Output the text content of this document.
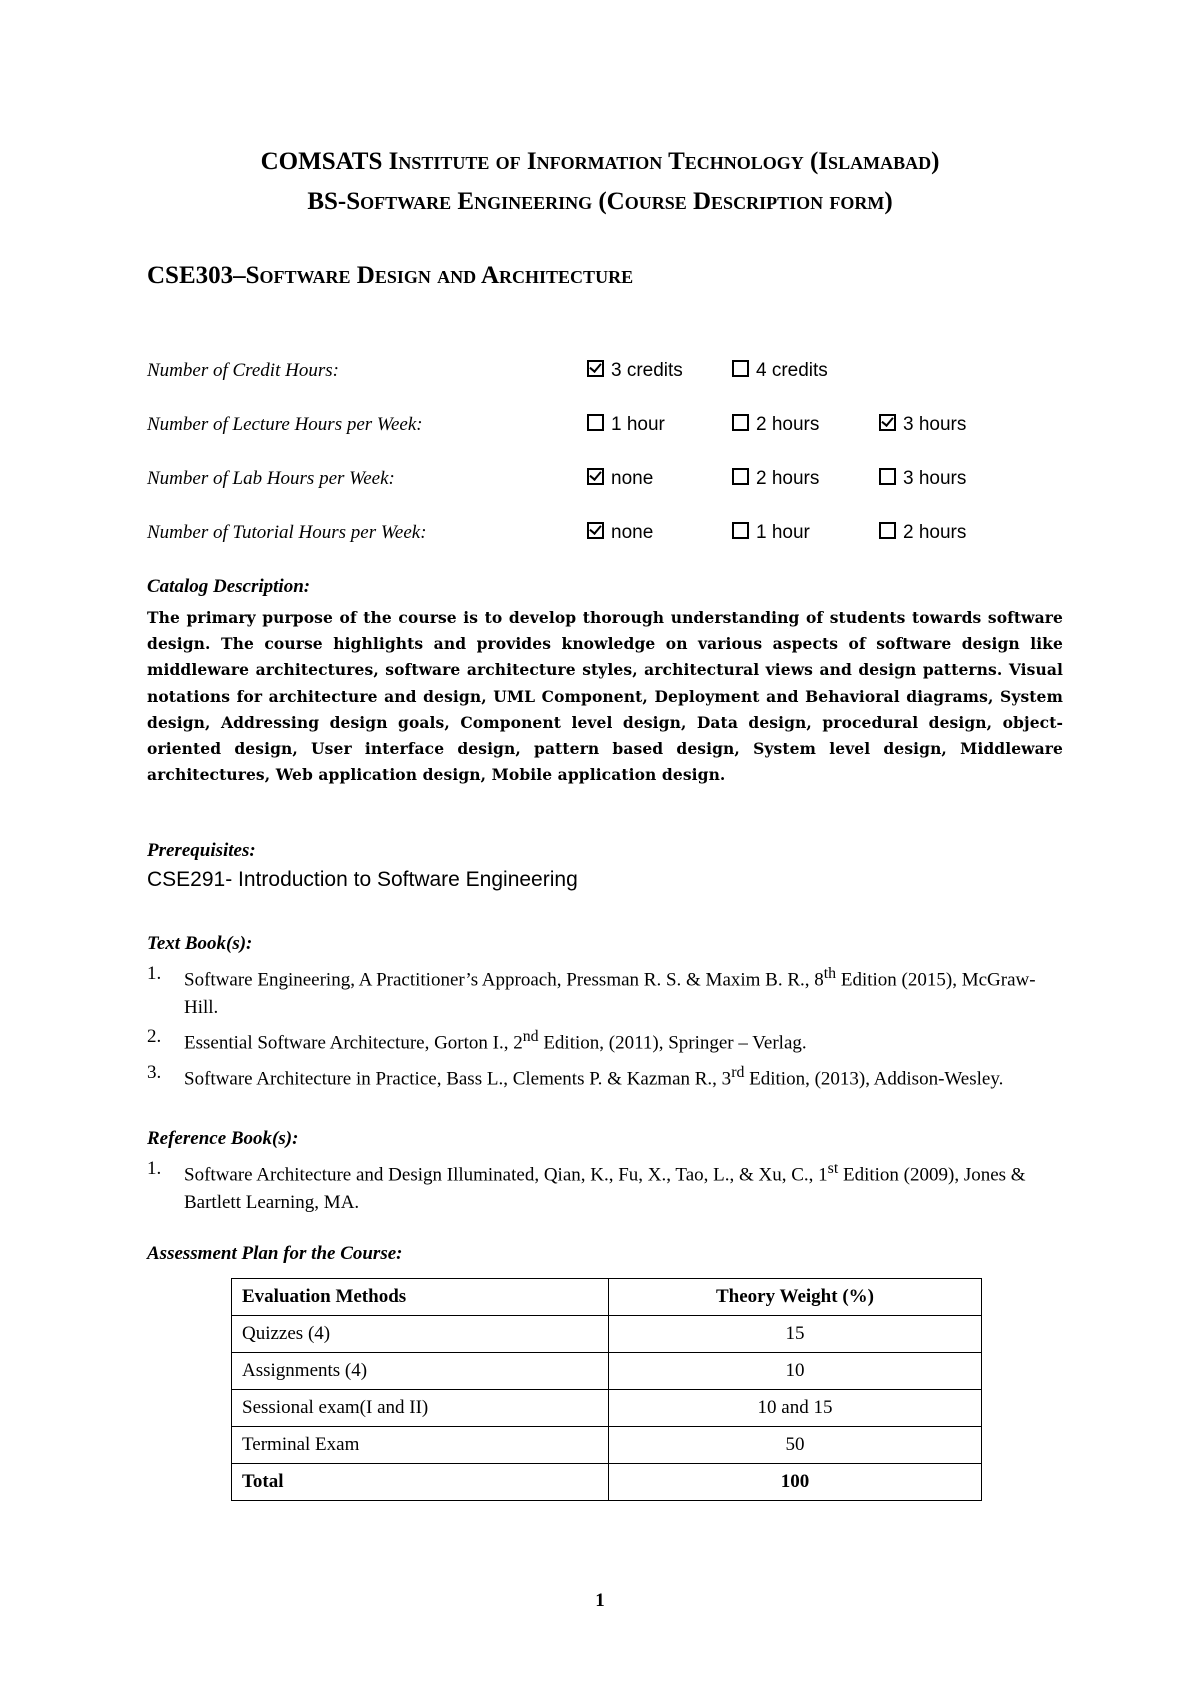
COMSATS Institute of Information Technology (Islamabad)
BS-Software Engineering (Course Description form)
CSE303–Software Design and Architecture
Number of Credit Hours:	3 credits	4 credits
Number of Lecture Hours per Week:	1 hour	2 hours	3 hours
Number of Lab Hours per Week:	none	2 hours	3 hours
Number of Tutorial Hours per Week:	none	1 hour	2 hours
Catalog Description:
The primary purpose of the course is to develop thorough understanding of students towards software design. The course highlights and provides knowledge on various aspects of software design like middleware architectures, software architecture styles, architectural views and design patterns. Visual notations for architecture and design, UML Component, Deployment and Behavioral diagrams, System design, Addressing design goals, Component level design, Data design, procedural design, object-oriented design, User interface design, pattern based design, System level design, Middleware architectures, Web application design, Mobile application design.
Prerequisites:
CSE291- Introduction to Software Engineering
Text Book(s):
1. Software Engineering, A Practitioner’s Approach, Pressman R. S. & Maxim B. R., 8th Edition (2015), McGraw-Hill.
2. Essential Software Architecture, Gorton I., 2nd Edition, (2011), Springer – Verlag.
3. Software Architecture in Practice, Bass L., Clements P. & Kazman R., 3rd Edition, (2013), Addison-Wesley.
Reference Book(s):
1. Software Architecture and Design Illuminated, Qian, K., Fu, X., Tao, L., & Xu, C., 1st Edition (2009), Jones & Bartlett Learning, MA.
Assessment Plan for the Course:
Evaluation Methods	Theory Weight (%)
Quizzes (4)	15
Assignments (4)	10
Sessional exam(I and II)	10 and 15
Terminal Exam	50
Total	100
1
